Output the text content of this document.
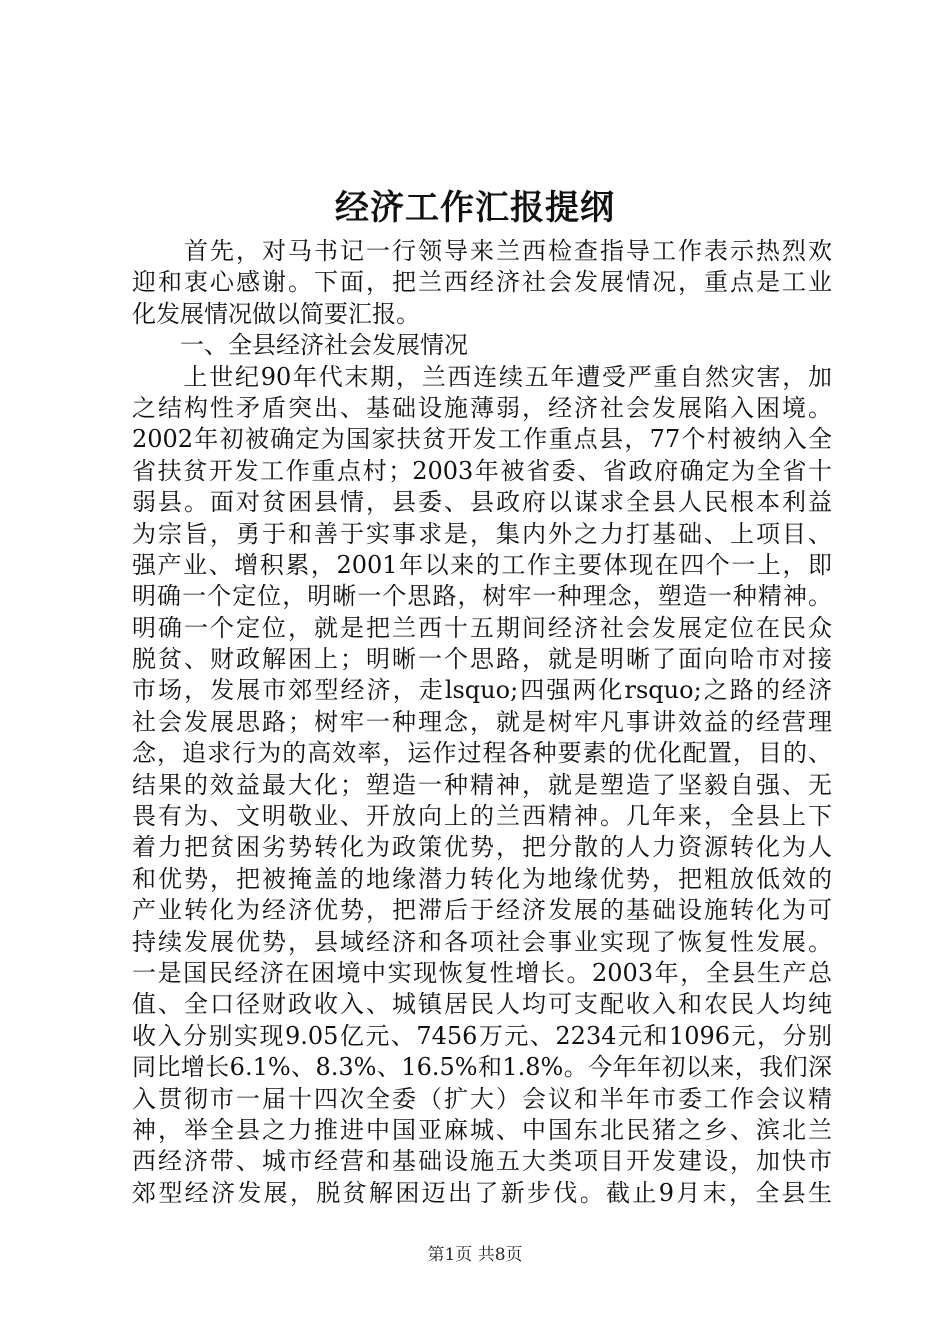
经济工作汇报提纲
　　首先，对马书记一行领导来兰西检查指导工作表示热烈欢
迎和衷心感谢。下面，把兰西经济社会发展情况，重点是工业
化发展情况做以简要汇报。
　　一、全县经济社会发展情况
　　上世纪90年代末期，兰西连续五年遭受严重自然灾害，加
之结构性矛盾突出、基础设施薄弱，经济社会发展陷入困境。
2002年初被确定为国家扶贫开发工作重点县，77个村被纳入全
省扶贫开发工作重点村；2003年被省委、省政府确定为全省十
弱县。面对贫困县情，县委、县政府以谋求全县人民根本利益
为宗旨，勇于和善于实事求是，集内外之力打基础、上项目、
强产业、增积累，2001年以来的工作主要体现在四个一上，即
明确一个定位，明晰一个思路，树牢一种理念，塑造一种精神。
明确一个定位，就是把兰西十五期间经济社会发展定位在民众
脱贫、财政解困上；明晰一个思路，就是明晰了面向哈市对接
市场，发展市郊型经济，走lsquo;四强两化rsquo;之路的经济
社会发展思路；树牢一种理念，就是树牢凡事讲效益的经营理
念，追求行为的高效率，运作过程各种要素的优化配置，目的、
结果的效益最大化；塑造一种精神，就是塑造了坚毅自强、无
畏有为、文明敬业、开放向上的兰西精神。几年来，全县上下
着力把贫困劣势转化为政策优势，把分散的人力资源转化为人
和优势，把被掩盖的地缘潜力转化为地缘优势，把粗放低效的
产业转化为经济优势，把滞后于经济发展的基础设施转化为可
持续发展优势，县域经济和各项社会事业实现了恢复性发展。
一是国民经济在困境中实现恢复性增长。2003年，全县生产总
值、全口径财政收入、城镇居民人均可支配收入和农民人均纯
收入分别实现9.05亿元、7456万元、2234元和1096元，分别
同比增长6.1%、8.3%、16.5%和1.8%。今年年初以来，我们深
入贯彻市一届十四次全委（扩大）会议和半年市委工作会议精
神，举全县之力推进中国亚麻城、中国东北民猪之乡、滨北兰
西经济带、城市经营和基础设施五大类项目开发建设，加快市
郊型经济发展，脱贫解困迈出了新步伐。截止9月末，全县生
第1页 共8页
